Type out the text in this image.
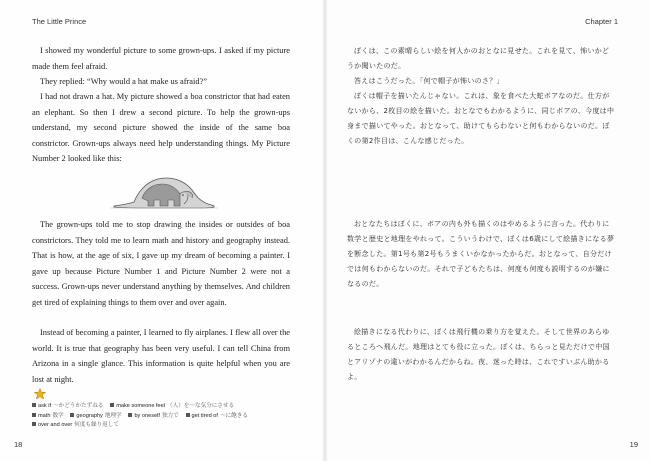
The Little Prince

I showed my wonderful picture to some grown-ups. I asked if my picture made them feel afraid.

They replied: “Why would a hat make us afraid?”

I had not drawn a hat. My picture showed a boa constrictor that had eaten an elephant. So then I drew a second picture. To help the grown-ups understand, my second picture showed the inside of the same boa constrictor. Grown-ups always need help understanding things. My Picture Number 2 looked like this:

The grown-ups told me to stop drawing the insides or outsides of boa constrictors. They told me to learn math and history and geography instead. That is how, at the age of six, I gave up my dream of becoming a painter. I gave up because Picture Number 1 and Picture Number 2 were not a success. Grown-ups never understand anything by themselves. And children get tired of explaining things to them over and over again.

Instead of becoming a painter, I learned to fly airplanes. I flew all over the world. It is true that geography has been very useful. I can tell China from Arizona in a single glance. This information is quite helpful when you are lost at night.

ask if 〜かどうかたずねる make someone feel （人）を〜な気分にさせる
math 数学 geography 地理学 by oneself 独力で get tired of 〜に飽きる
over and over 何度も繰り返して

18

Chapter 1

ぼくは、この素晴らしい絵を何人かのおとなに見せた。これを見て、怖いかどうか聞いたのだ。

答えはこうだった。「何で帽子が怖いのさ？」

ぼくは帽子を描いたんじゃない。これは、象を食べた大蛇ボアなのだ。仕方がないから、2枚目の絵を描いた。おとなでもわかるように、同じボアの、今度は中身まで描いてやった。おとなって、助けてもらわないと何もわからないのだ。ぼくの第2作目は、こんな感じだった。

おとなたちはぼくに、ボアの内も外も描くのはやめるように言った。代わりに数学と歴史と地理をやれって。こういうわけで、ぼくは6歳にして絵描きになる夢を断念した。第1号も第2号もうまくいかなかったからだ。おとなって、自分だけでは何もわからないのだ。それで子どもたちは、何度も何度も説明するのが嫌になるのだ。

絵描きになる代わりに、ぼくは飛行機の乗り方を覚えた。そして世界のあらゆるところへ飛んだ。地理はとても役に立った。ぼくは、ちらっと見ただけで中国とアリゾナの違いがわかるんだからね。夜、迷った時は、これですいぶん助かるよ。

19
